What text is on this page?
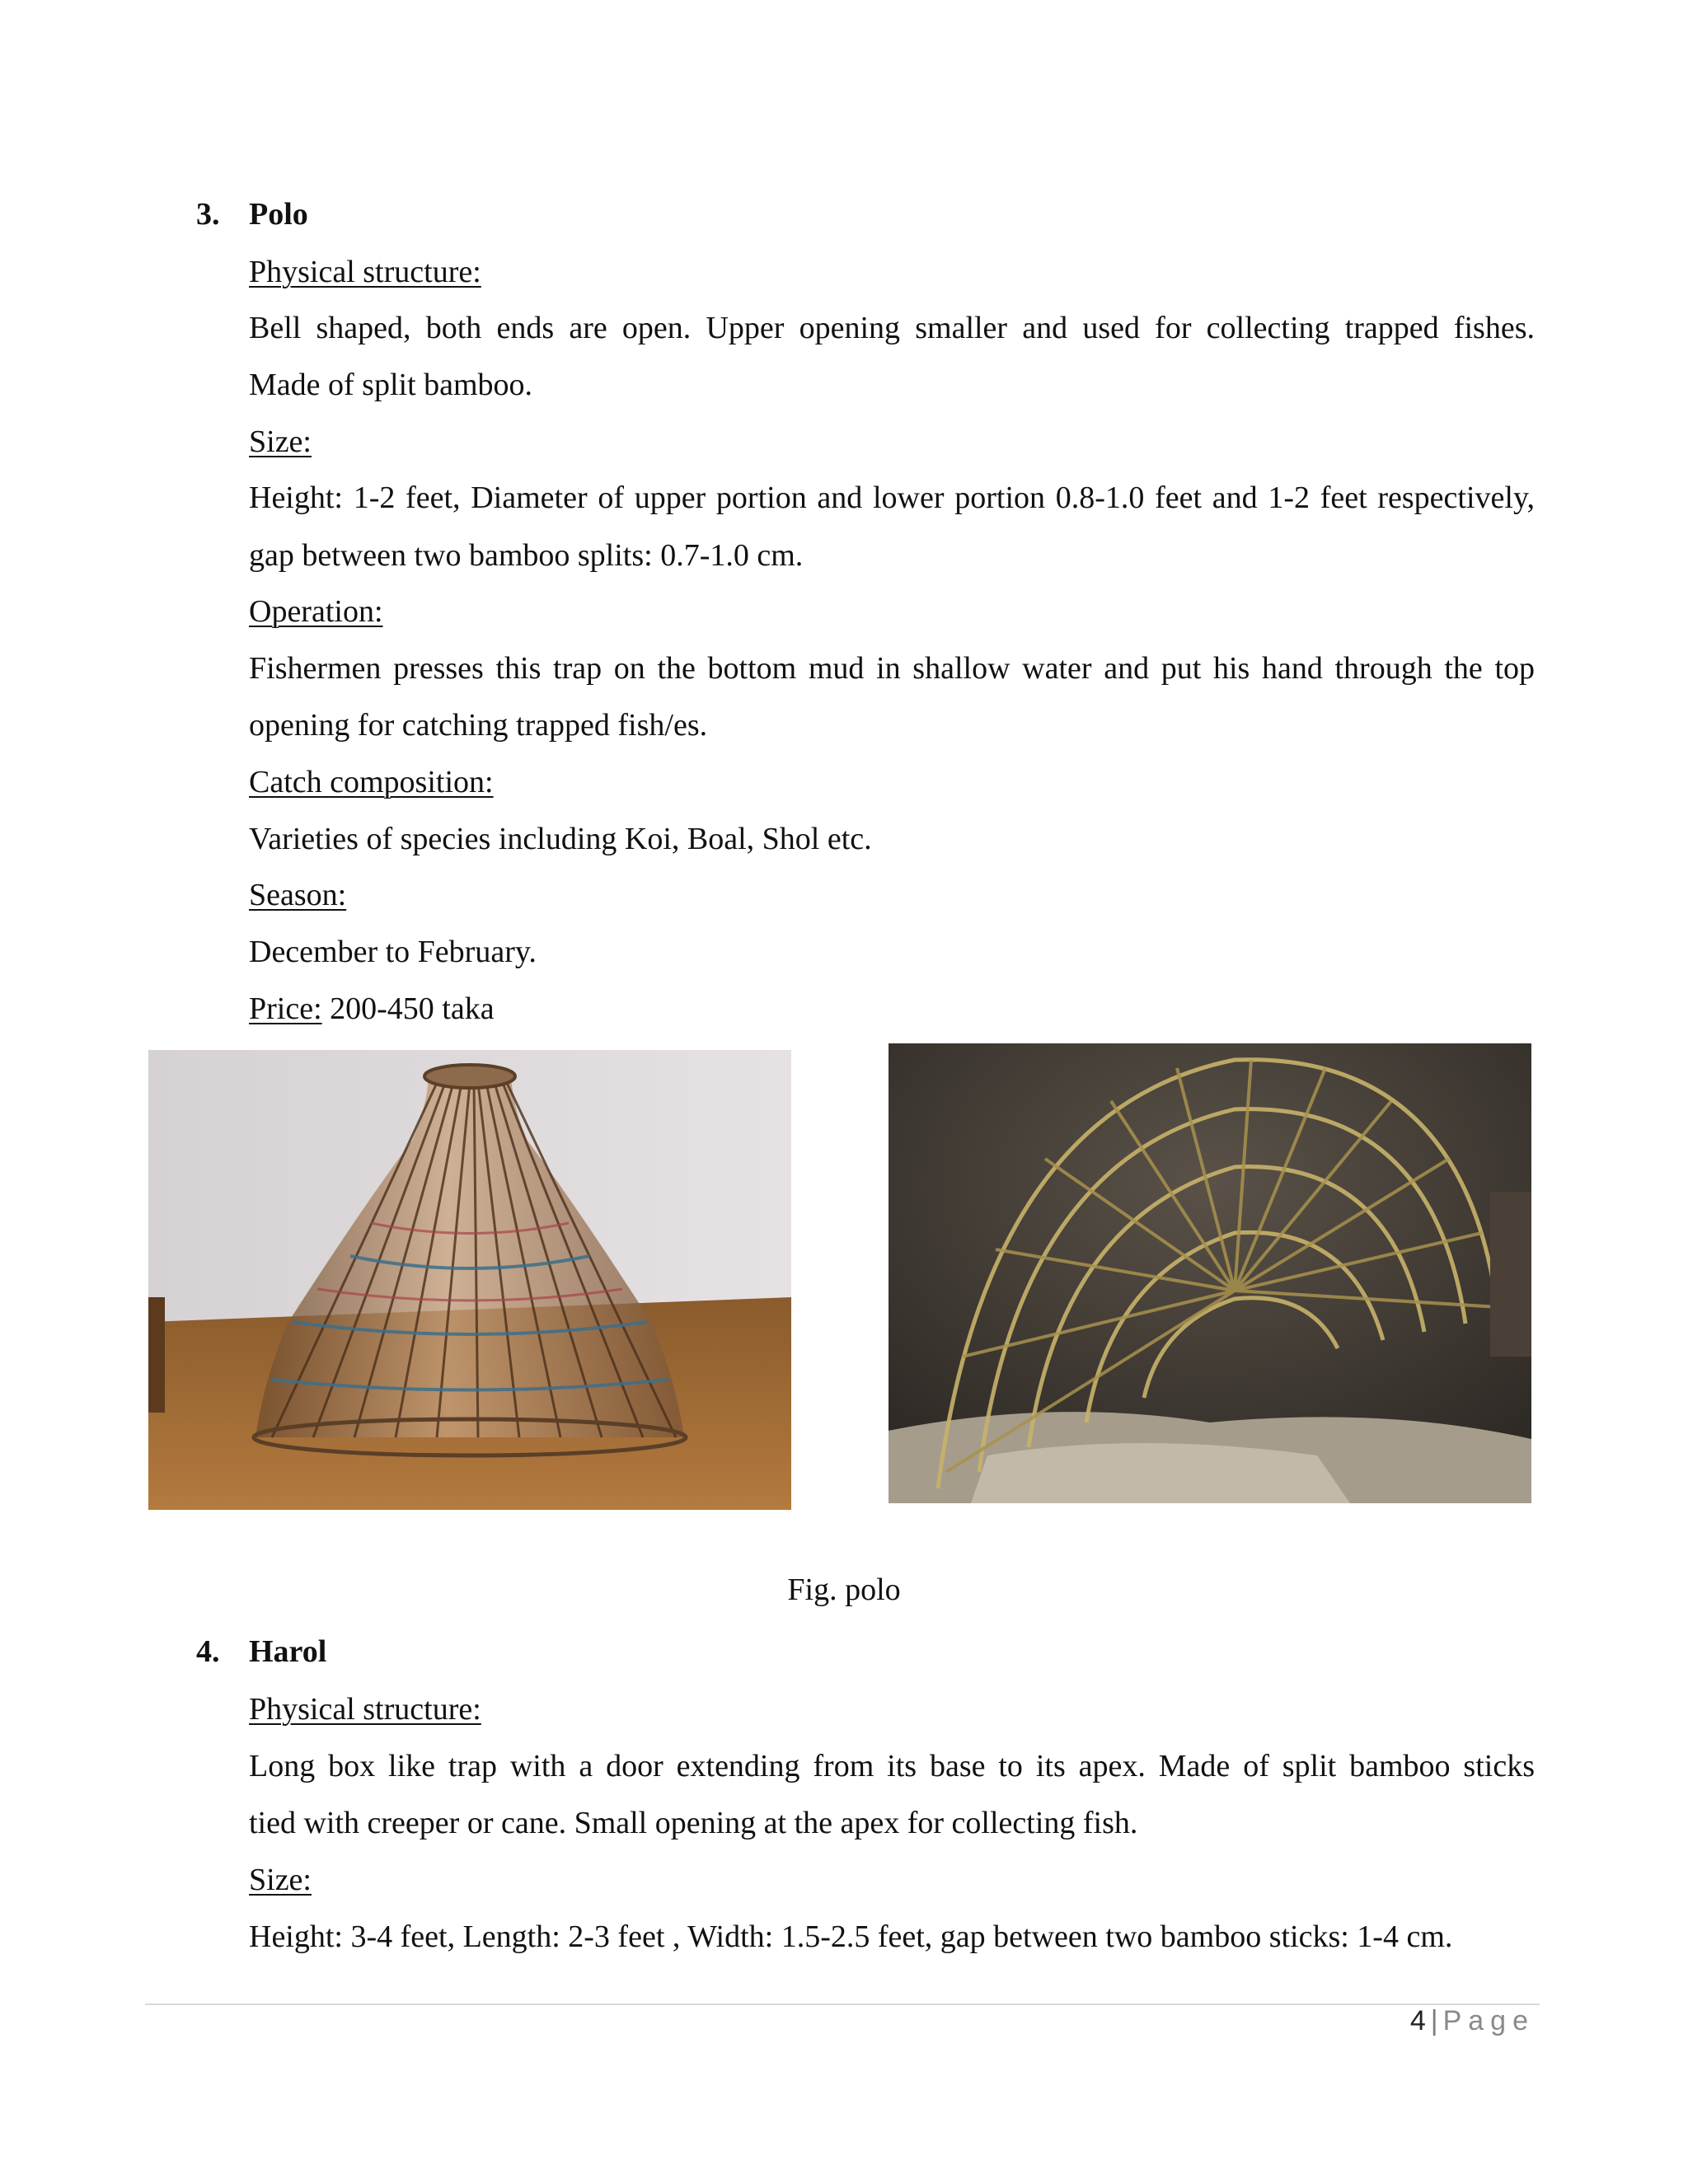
3. Polo
Physical structure:
Bell shaped, both ends are open. Upper opening smaller and used for collecting trapped fishes.
Made of split bamboo.
Size:
Height: 1-2 feet, Diameter of upper portion and lower portion 0.8-1.0 feet and 1-2 feet respectively,
gap between two bamboo splits: 0.7-1.0 cm.
Operation:
Fishermen presses this trap on the bottom mud in shallow water and put his hand through the top
opening for catching trapped fish/es.
Catch composition:
Varieties of species including Koi, Boal, Shol etc.
Season:
December to February.
Price: 200-450 taka
Fig. polo
4. Harol
Physical structure:
Long box like trap with a door extending from its base to its apex. Made of split bamboo sticks
tied with creeper or cane. Small opening at the apex for collecting fish.
Size:
Height: 3-4 feet, Length: 2-3 feet , Width: 1.5-2.5 feet, gap between two bamboo sticks: 1-4 cm.
4 | Page
